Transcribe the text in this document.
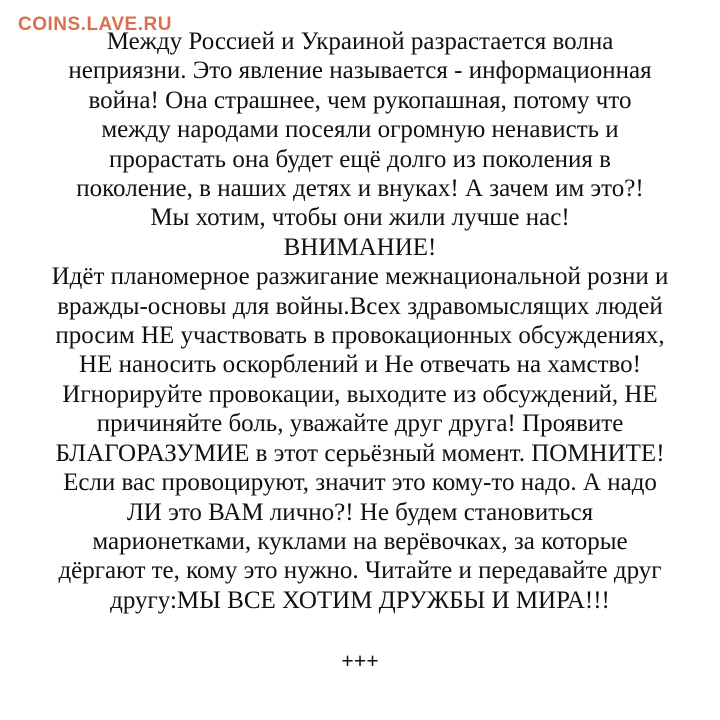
COINS.LAVE.RU
Между Россией и Украиной разрастается волна
неприязни. Это явление называется - информационная
война! Она страшнее, чем рукопашная, потому что
между народами посеяли огромную ненависть и
прорастать она будет ещё долго из поколения в
поколение, в наших детях и внуках! А зачем им это?!
Мы хотим, чтобы они жили лучше нас!
ВНИМАНИЕ!
Идёт планомерное разжигание межнациональной розни и
вражды-основы для войны.Всех здравомыслящих людей
просим НЕ участвовать в провокационных обсуждениях,
НЕ наносить оскорблений и Не отвечать на хамство!
Игнорируйте провокации, выходите из обсуждений, НЕ
причиняйте боль, уважайте друг друга! Проявите
БЛАГОРАЗУМИЕ в этот серьёзный момент. ПОМНИТЕ!
Если вас провоцируют, значит это кому-то надо. А надо
ЛИ это ВАМ лично?! Не будем становиться
марионетками, куклами на верёвочках, за которые
дёргают те, кому это нужно. Читайте и передавайте друг
другу:МЫ ВСЕ ХОТИМ ДРУЖБЫ И МИРА!!!
+++
